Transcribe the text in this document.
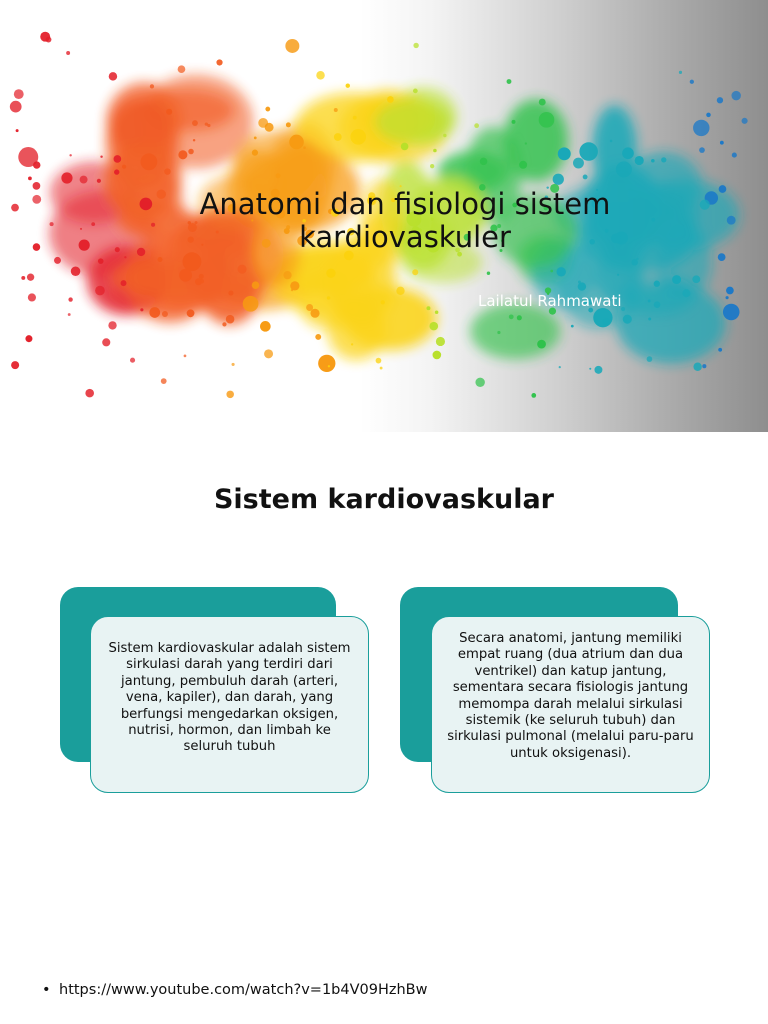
Anatomi dan fisiologi sistem
kardiovaskuler
Lailatul Rahmawati
Sistem kardiovaskular

Sistem kardiovaskular adalah sistem sirkulasi darah yang terdiri dari jantung, pembuluh darah (arteri, vena, kapiler), dan darah, yang berfungsi mengedarkan oksigen, nutrisi, hormon, dan limbah ke seluruh tubuh

Secara anatomi, jantung memiliki empat ruang (dua atrium dan dua ventrikel) dan katup jantung, sementara secara fisiologis jantung memompa darah melalui sirkulasi sistemik (ke seluruh tubuh) dan sirkulasi pulmonal (melalui paru-paru untuk oksigenasi).

• https://www.youtube.com/watch?v=1b4V09HzhBw
